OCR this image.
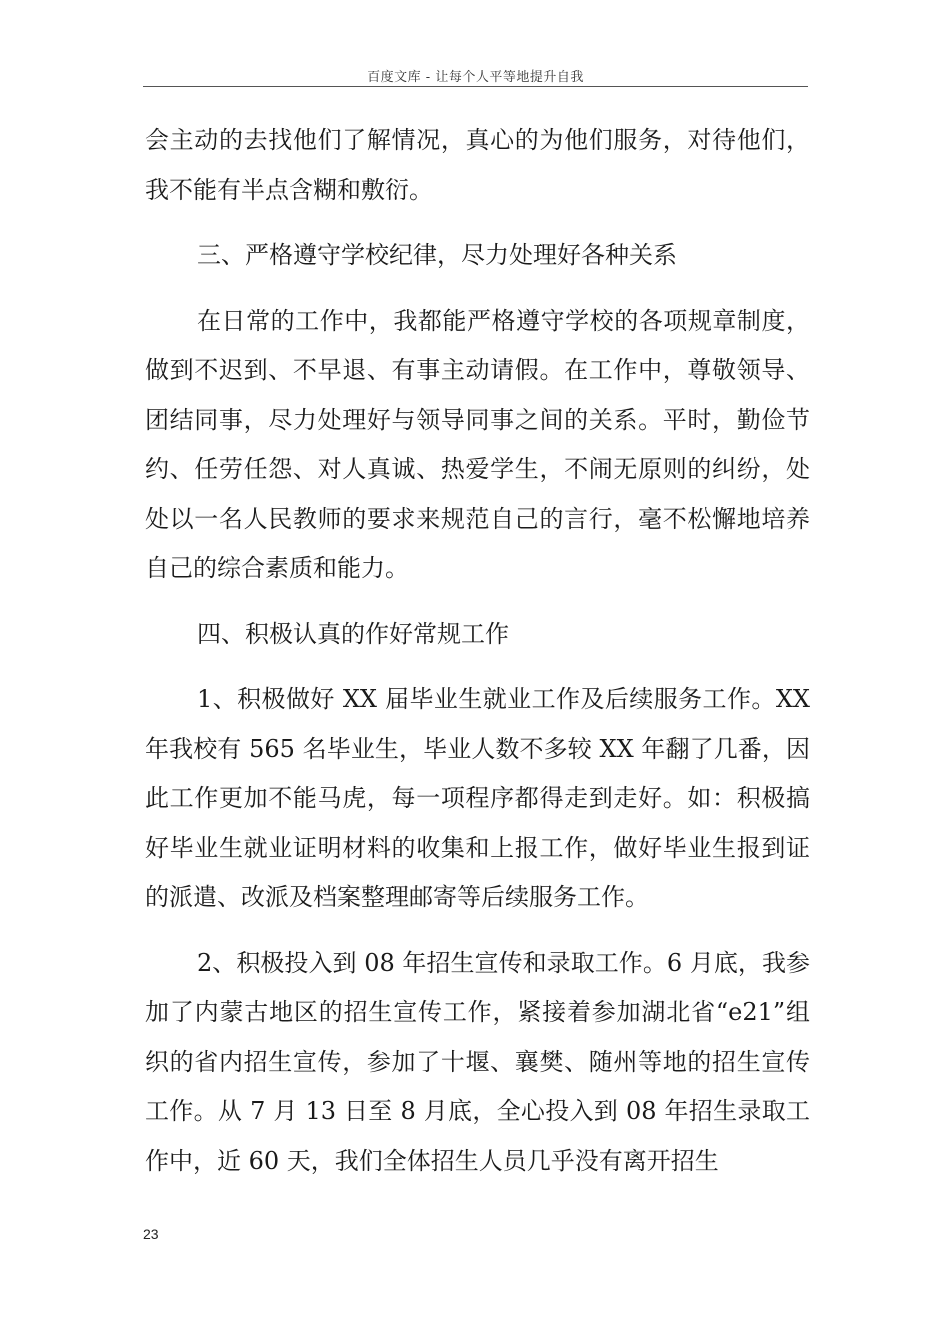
百度文库 - 让每个人平等地提升自我

会主动的去找他们了解情况，真心的为他们服务，对待他们，我不能有半点含糊和敷衍。

三、严格遵守学校纪律，尽力处理好各种关系

在日常的工作中，我都能严格遵守学校的各项规章制度，做到不迟到、不早退、有事主动请假。在工作中，尊敬领导、团结同事，尽力处理好与领导同事之间的关系。平时，勤俭节约、任劳任怨、对人真诚、热爱学生，不闹无原则的纠纷，处处以一名人民教师的要求来规范自己的言行，毫不松懈地培养自己的综合素质和能力。

四、积极认真的作好常规工作

1、积极做好 XX 届毕业生就业工作及后续服务工作。XX 年我校有 565 名毕业生，毕业人数不多较 XX 年翻了几番，因此工作更加不能马虎，每一项程序都得走到走好。如：积极搞好毕业生就业证明材料的收集和上报工作，做好毕业生报到证的派遣、改派及档案整理邮寄等后续服务工作。

2、积极投入到 08 年招生宣传和录取工作。6 月底，我参加了内蒙古地区的招生宣传工作，紧接着参加湖北省“e21”组织的省内招生宣传，参加了十堰、襄樊、随州等地的招生宣传工作。从 7 月 13 日至 8 月底，全心投入到 08 年招生录取工作中，近 60 天，我们全体招生人员几乎没有离开招生

23
